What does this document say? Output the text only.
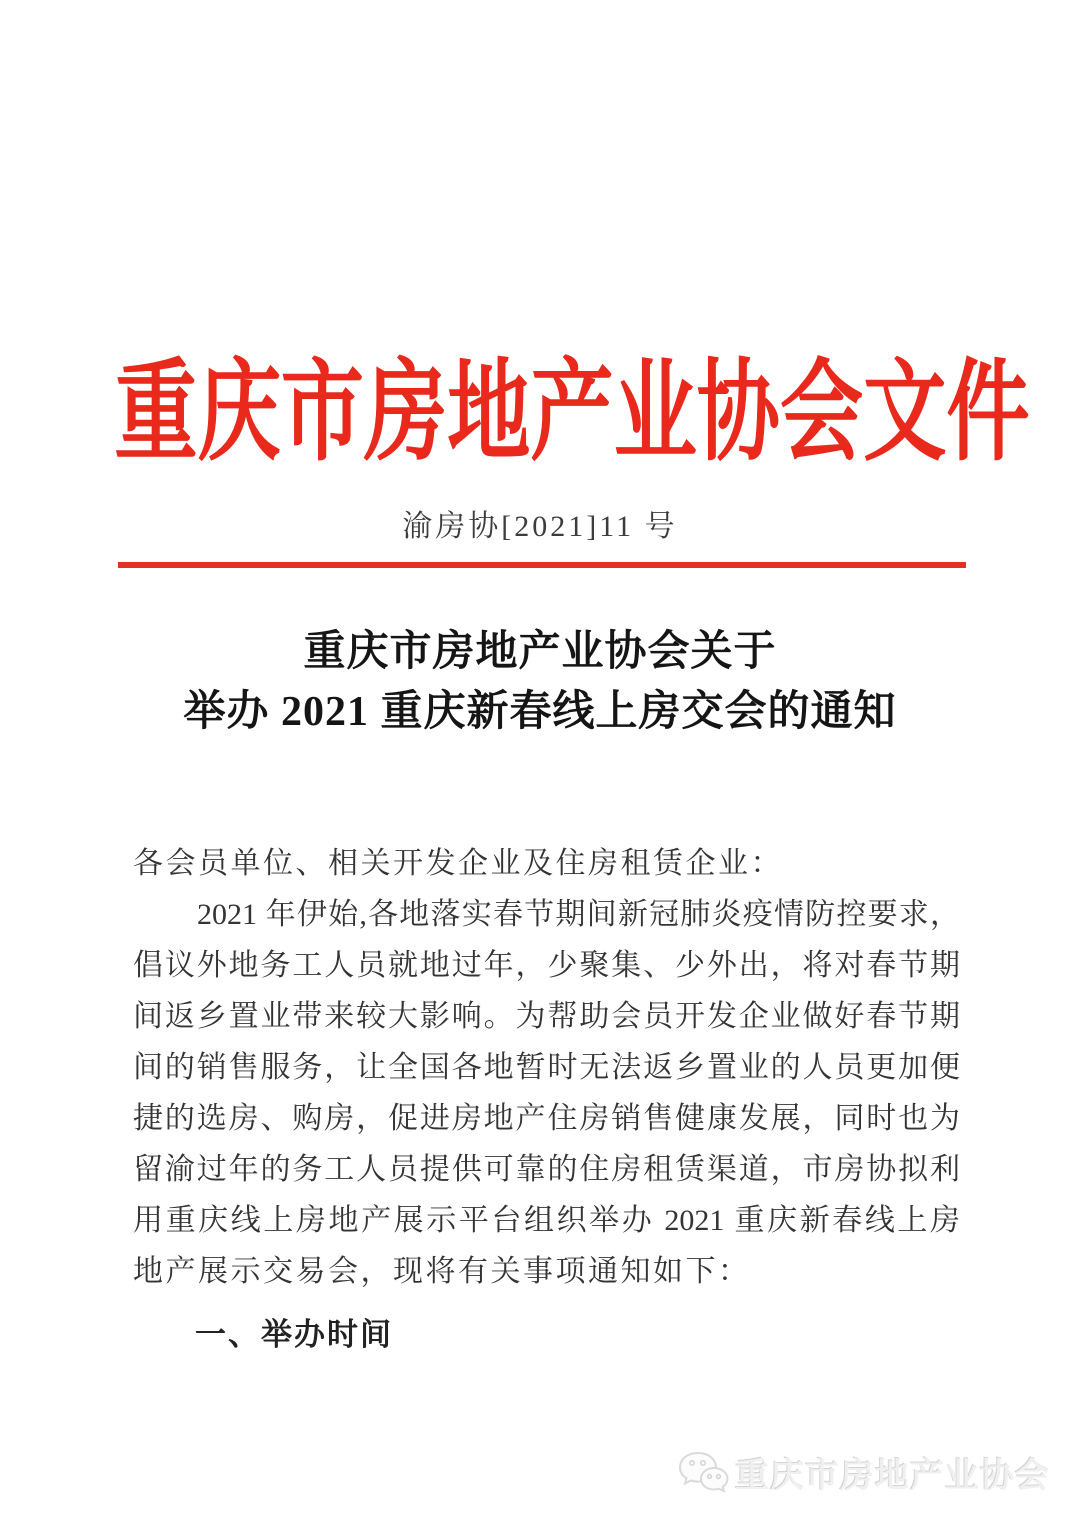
重庆市房地产业协会文件
渝房协[2021]11 号
重庆市房地产业协会关于
举办 2021 重庆新春线上房交会的通知
各会员单位、相关开发企业及住房租赁企业：
2021 年伊始,各地落实春节期间新冠肺炎疫情防控要求，
倡议外地务工人员就地过年，少聚集、少外出，将对春节期
间返乡置业带来较大影响。为帮助会员开发企业做好春节期
间的销售服务，让全国各地暂时无法返乡置业的人员更加便
捷的选房、购房，促进房地产住房销售健康发展，同时也为
留渝过年的务工人员提供可靠的住房租赁渠道，市房协拟利
用重庆线上房地产展示平台组织举办 2021 重庆新春线上房
地产展示交易会，现将有关事项通知如下：
一、举办时间
重庆市房地产业协会
